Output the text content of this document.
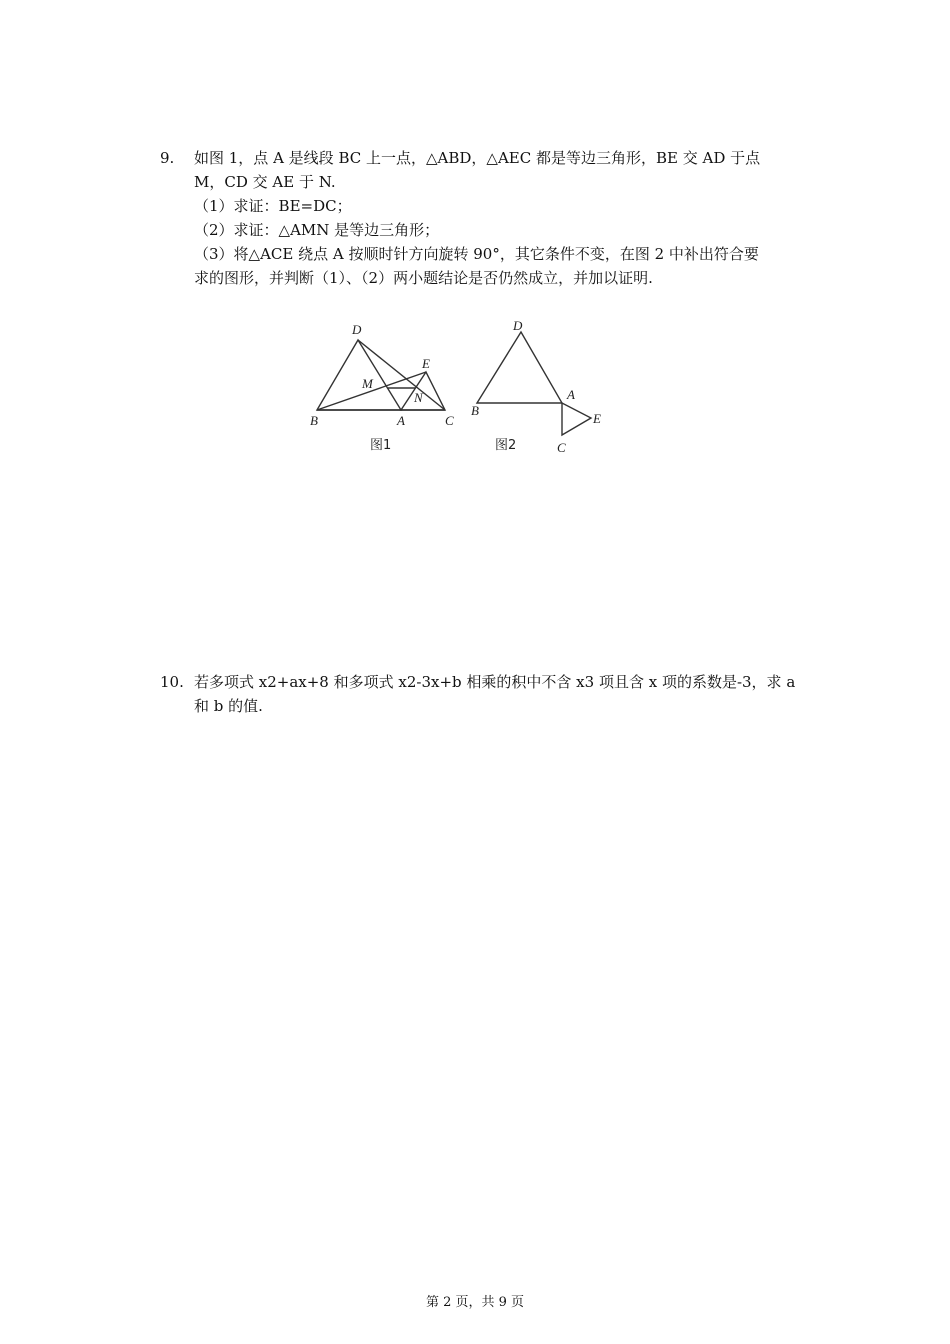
9. 如图 1，点 A 是线段 BC 上一点，△ABD，△AEC 都是等边三角形，BE 交 AD 于点
M，CD 交 AE 于 N.
（1）求证：BE=DC；
（2）求证：△AMN 是等边三角形；
（3）将△ACE 绕点 A 按顺时针方向旋转 90°，其它条件不变，在图 2 中补出符合要
求的图形，并判断（1）、（2）两小题结论是否仍然成立，并加以证明.
D
E
M
N
B	A	C
图1
D
A
B
E
C
图2
10. 若多项式 x2+ax+8 和多项式 x2-3x+b 相乘的积中不含 x3 项且含 x 项的系数是-3，求 a
和 b 的值.
第 2 页，共 9 页
